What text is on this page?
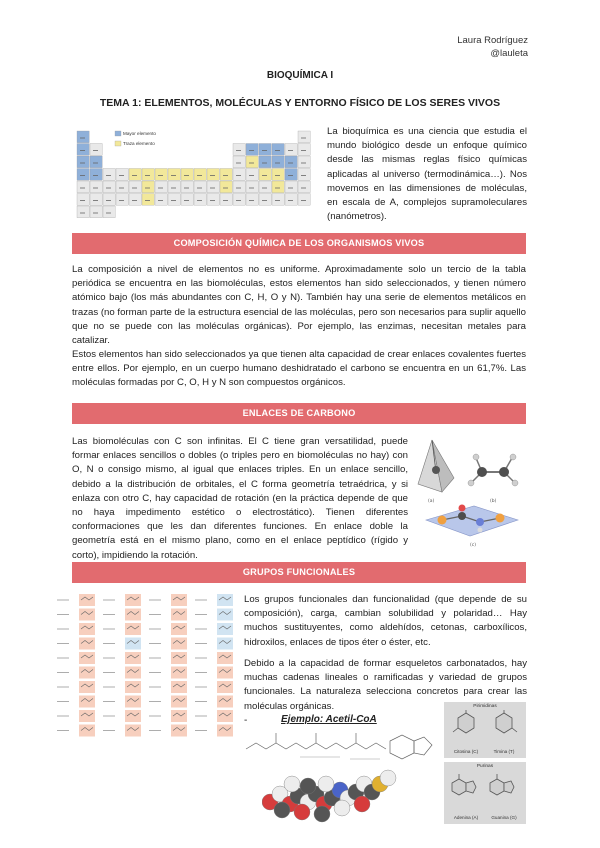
Laura Rodríguez
@lauleta
BIOQUÍMICA I
TEMA 1: ELEMENTOS, MOLÉCULAS Y ENTORNO FÍSICO DE LOS SERES VIVOS
Mayor elemento
Traza elemento
La bioquímica es una ciencia que estudia el mundo biológico desde un enfoque químico desde las mismas reglas físico químicas aplicadas al universo (termodinámica…). Nos movemos en las dimensiones de moléculas, en escala de A, complejos supramoleculares (nanómetros).
COMPOSICIÓN QUÍMICA DE LOS ORGANISMOS VIVOS
La composición a nivel de elementos no es uniforme. Aproximadamente solo un tercio de la tabla periódica se encuentra en las biomoléculas, estos elementos han sido seleccionados, y tienen número atómico bajo (los más abundantes con C, H, O y N). También hay una serie de elementos metálicos en trazas (no forman parte de la estructura esencial de las moléculas, pero son necesarios para suplir aquello que no se puede con las moléculas orgánicas). Por ejemplo, las enzimas, necesitan metales para catalizar.
Estos elementos han sido seleccionados ya que tienen alta capacidad de crear enlaces covalentes fuertes entre ellos. Por ejemplo, en un cuerpo humano deshidratado el carbono se encuentra en un 61,7%. Las moléculas formadas por C, O, H y N son compuestos orgánicos.
ENLACES DE CARBONO
Las biomoléculas con C son infinitas. El C tiene gran versatilidad, puede formar enlaces sencillos o dobles (o triples pero en biomoléculas no hay) con O, N o consigo mismo, al igual que enlaces triples. En un enlace sencillo, debido a la distribución de orbitales, el C forma geometría tetraédrica, y si enlaza con otro C, hay capacidad de rotación (en la práctica depende de que no haya impedimento estético o electrostático). Tienen diferentes conformaciones que les dan diferentes funciones. En enlace doble la geometría está en el mismo plano, como en el enlace peptídico (rígido y corto), impidiendo la rotación.
(a)	(b)
(c)
GRUPOS FUNCIONALES
Los grupos funcionales dan funcionalidad (que depende de su composición), carga, cambian solubilidad y polaridad… Hay muchos sustituyentes, como aldehídos, cetonas, carboxílicos, hidroxilos, enlaces de tipos éter o éster, etc.
Debido a la capacidad de formar esqueletos carbonatados, hay muchas cadenas lineales o ramificadas y variedad de grupos funcionales. La naturaleza selecciona concretos para crear las moléculas orgánicas.
-	Ejemplo: Acetil-CoA
Pirimidinas
Citosina (C)	Timina (T)
Purinas
Adenina (A)	Guanina (G)
